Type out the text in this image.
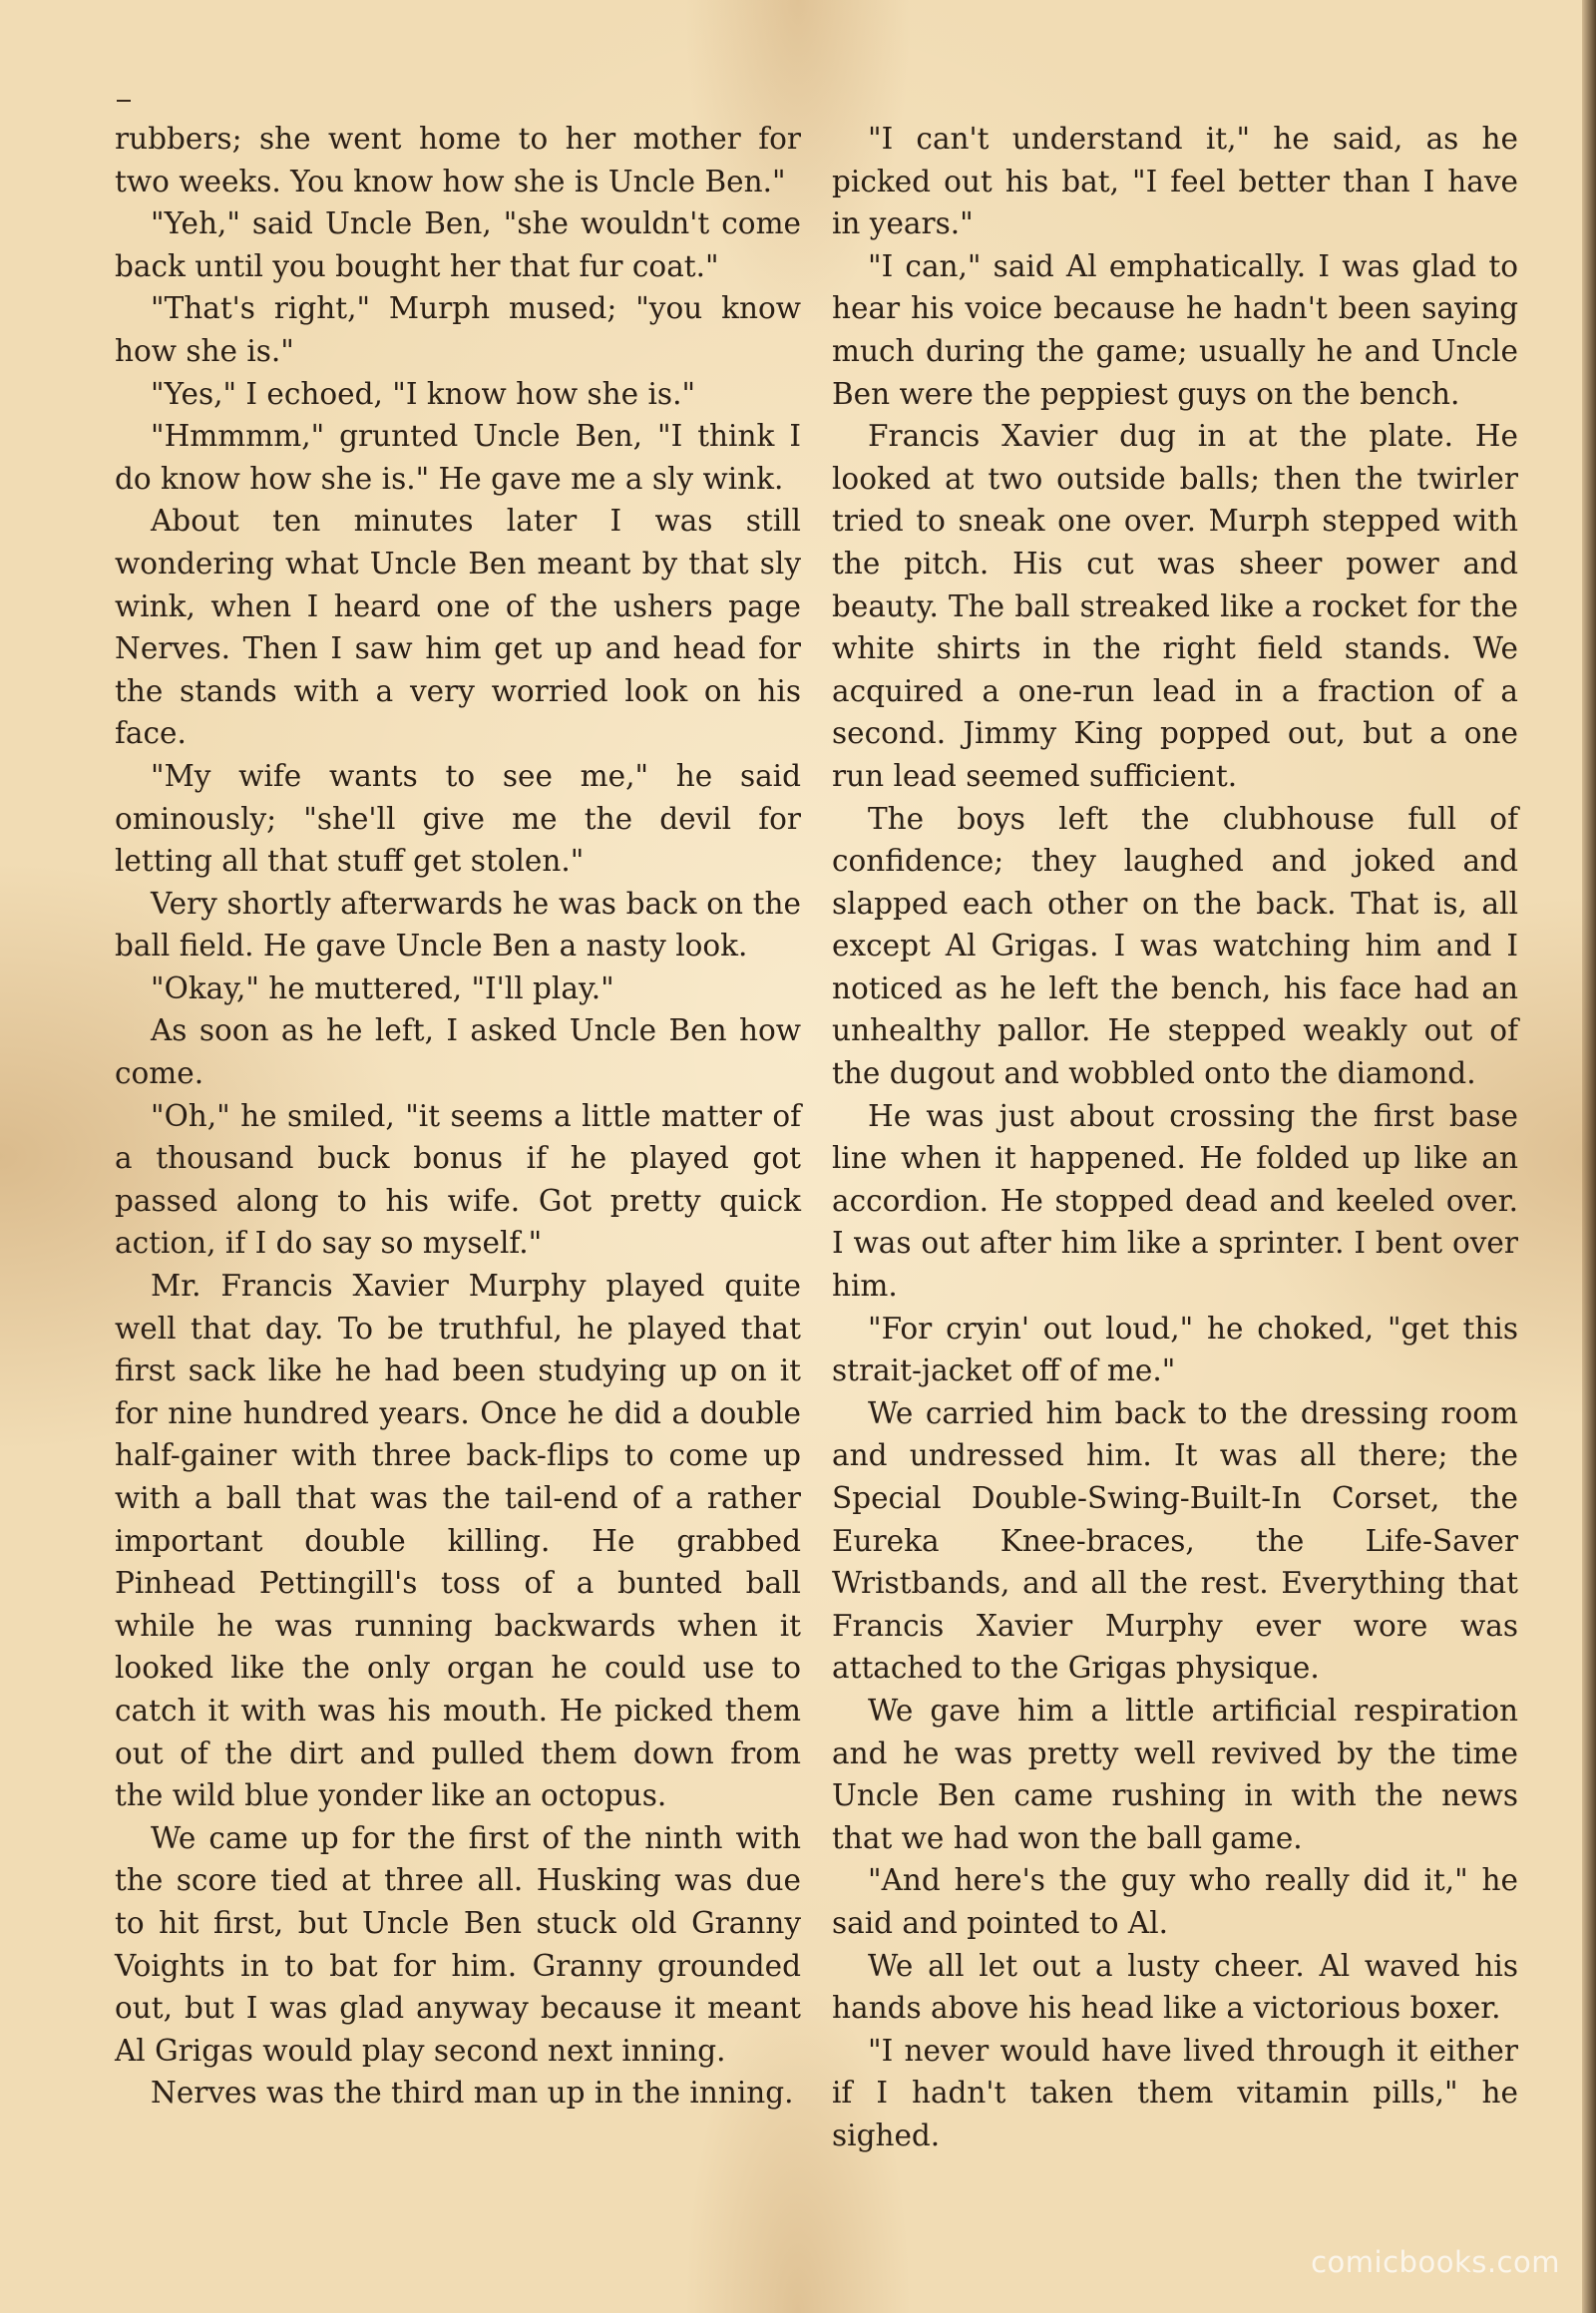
rubbers; she went home to her mother for two weeks. You know how she is Uncle Ben."

"Yeh," said Uncle Ben, "she wouldn't come back until you bought her that fur coat."

"That's right," Murph mused; "you know how she is."

"Yes," I echoed, "I know how she is."

"Hmmmm," grunted Uncle Ben, "I think I do know how she is." He gave me a sly wink.

About ten minutes later I was still wondering what Uncle Ben meant by that sly wink, when I heard one of the ushers page Nerves. Then I saw him get up and head for the stands with a very worried look on his face.

"My wife wants to see me," he said ominously; "she'll give me the devil for letting all that stuff get stolen."

Very shortly afterwards he was back on the ball field. He gave Uncle Ben a nasty look.

"Okay," he muttered, "I'll play."

As soon as he left, I asked Uncle Ben how come.

"Oh," he smiled, "it seems a little matter of a thousand buck bonus if he played got passed along to his wife. Got pretty quick action, if I do say so myself."

Mr. Francis Xavier Murphy played quite well that day. To be truthful, he played that first sack like he had been studying up on it for nine hundred years. Once he did a double half-gainer with three back-flips to come up with a ball that was the tail-end of a rather important double killing. He grabbed Pinhead Pettingill's toss of a bunted ball while he was running backwards when it looked like the only organ he could use to catch it with was his mouth. He picked them out of the dirt and pulled them down from the wild blue yonder like an octopus.

We came up for the first of the ninth with the score tied at three all. Husking was due to hit first, but Uncle Ben stuck old Granny Voights in to bat for him. Granny grounded out, but I was glad anyway because it meant Al Grigas would play second next inning.

Nerves was the third man up in the inning.

"I can't understand it," he said, as he picked out his bat, "I feel better than I have in years."

"I can," said Al emphatically. I was glad to hear his voice because he hadn't been saying much during the game; usually he and Uncle Ben were the peppiest guys on the bench.

Francis Xavier dug in at the plate. He looked at two outside balls; then the twirler tried to sneak one over. Murph stepped with the pitch. His cut was sheer power and beauty. The ball streaked like a rocket for the white shirts in the right field stands. We acquired a one-run lead in a fraction of a second. Jimmy King popped out, but a one run lead seemed sufficient.

The boys left the clubhouse full of confidence; they laughed and joked and slapped each other on the back. That is, all except Al Grigas. I was watching him and I noticed as he left the bench, his face had an unhealthy pallor. He stepped weakly out of the dugout and wobbled onto the diamond.

He was just about crossing the first base line when it happened. He folded up like an accordion. He stopped dead and keeled over. I was out after him like a sprinter. I bent over him.

"For cryin' out loud," he choked, "get this strait-jacket off of me."

We carried him back to the dressing room and undressed him. It was all there; the Special Double-Swing-Built-In Corset, the Eureka Knee-braces, the Life-Saver Wristbands, and all the rest. Everything that Francis Xavier Murphy ever wore was attached to the Grigas physique.

We gave him a little artificial respiration and he was pretty well revived by the time Uncle Ben came rushing in with the news that we had won the ball game.

"And here's the guy who really did it," he said and pointed to Al.

We all let out a lusty cheer. Al waved his hands above his head like a victorious boxer.

"I never would have lived through it either if I hadn't taken them vitamin pills," he sighed.

comicbooks.com
